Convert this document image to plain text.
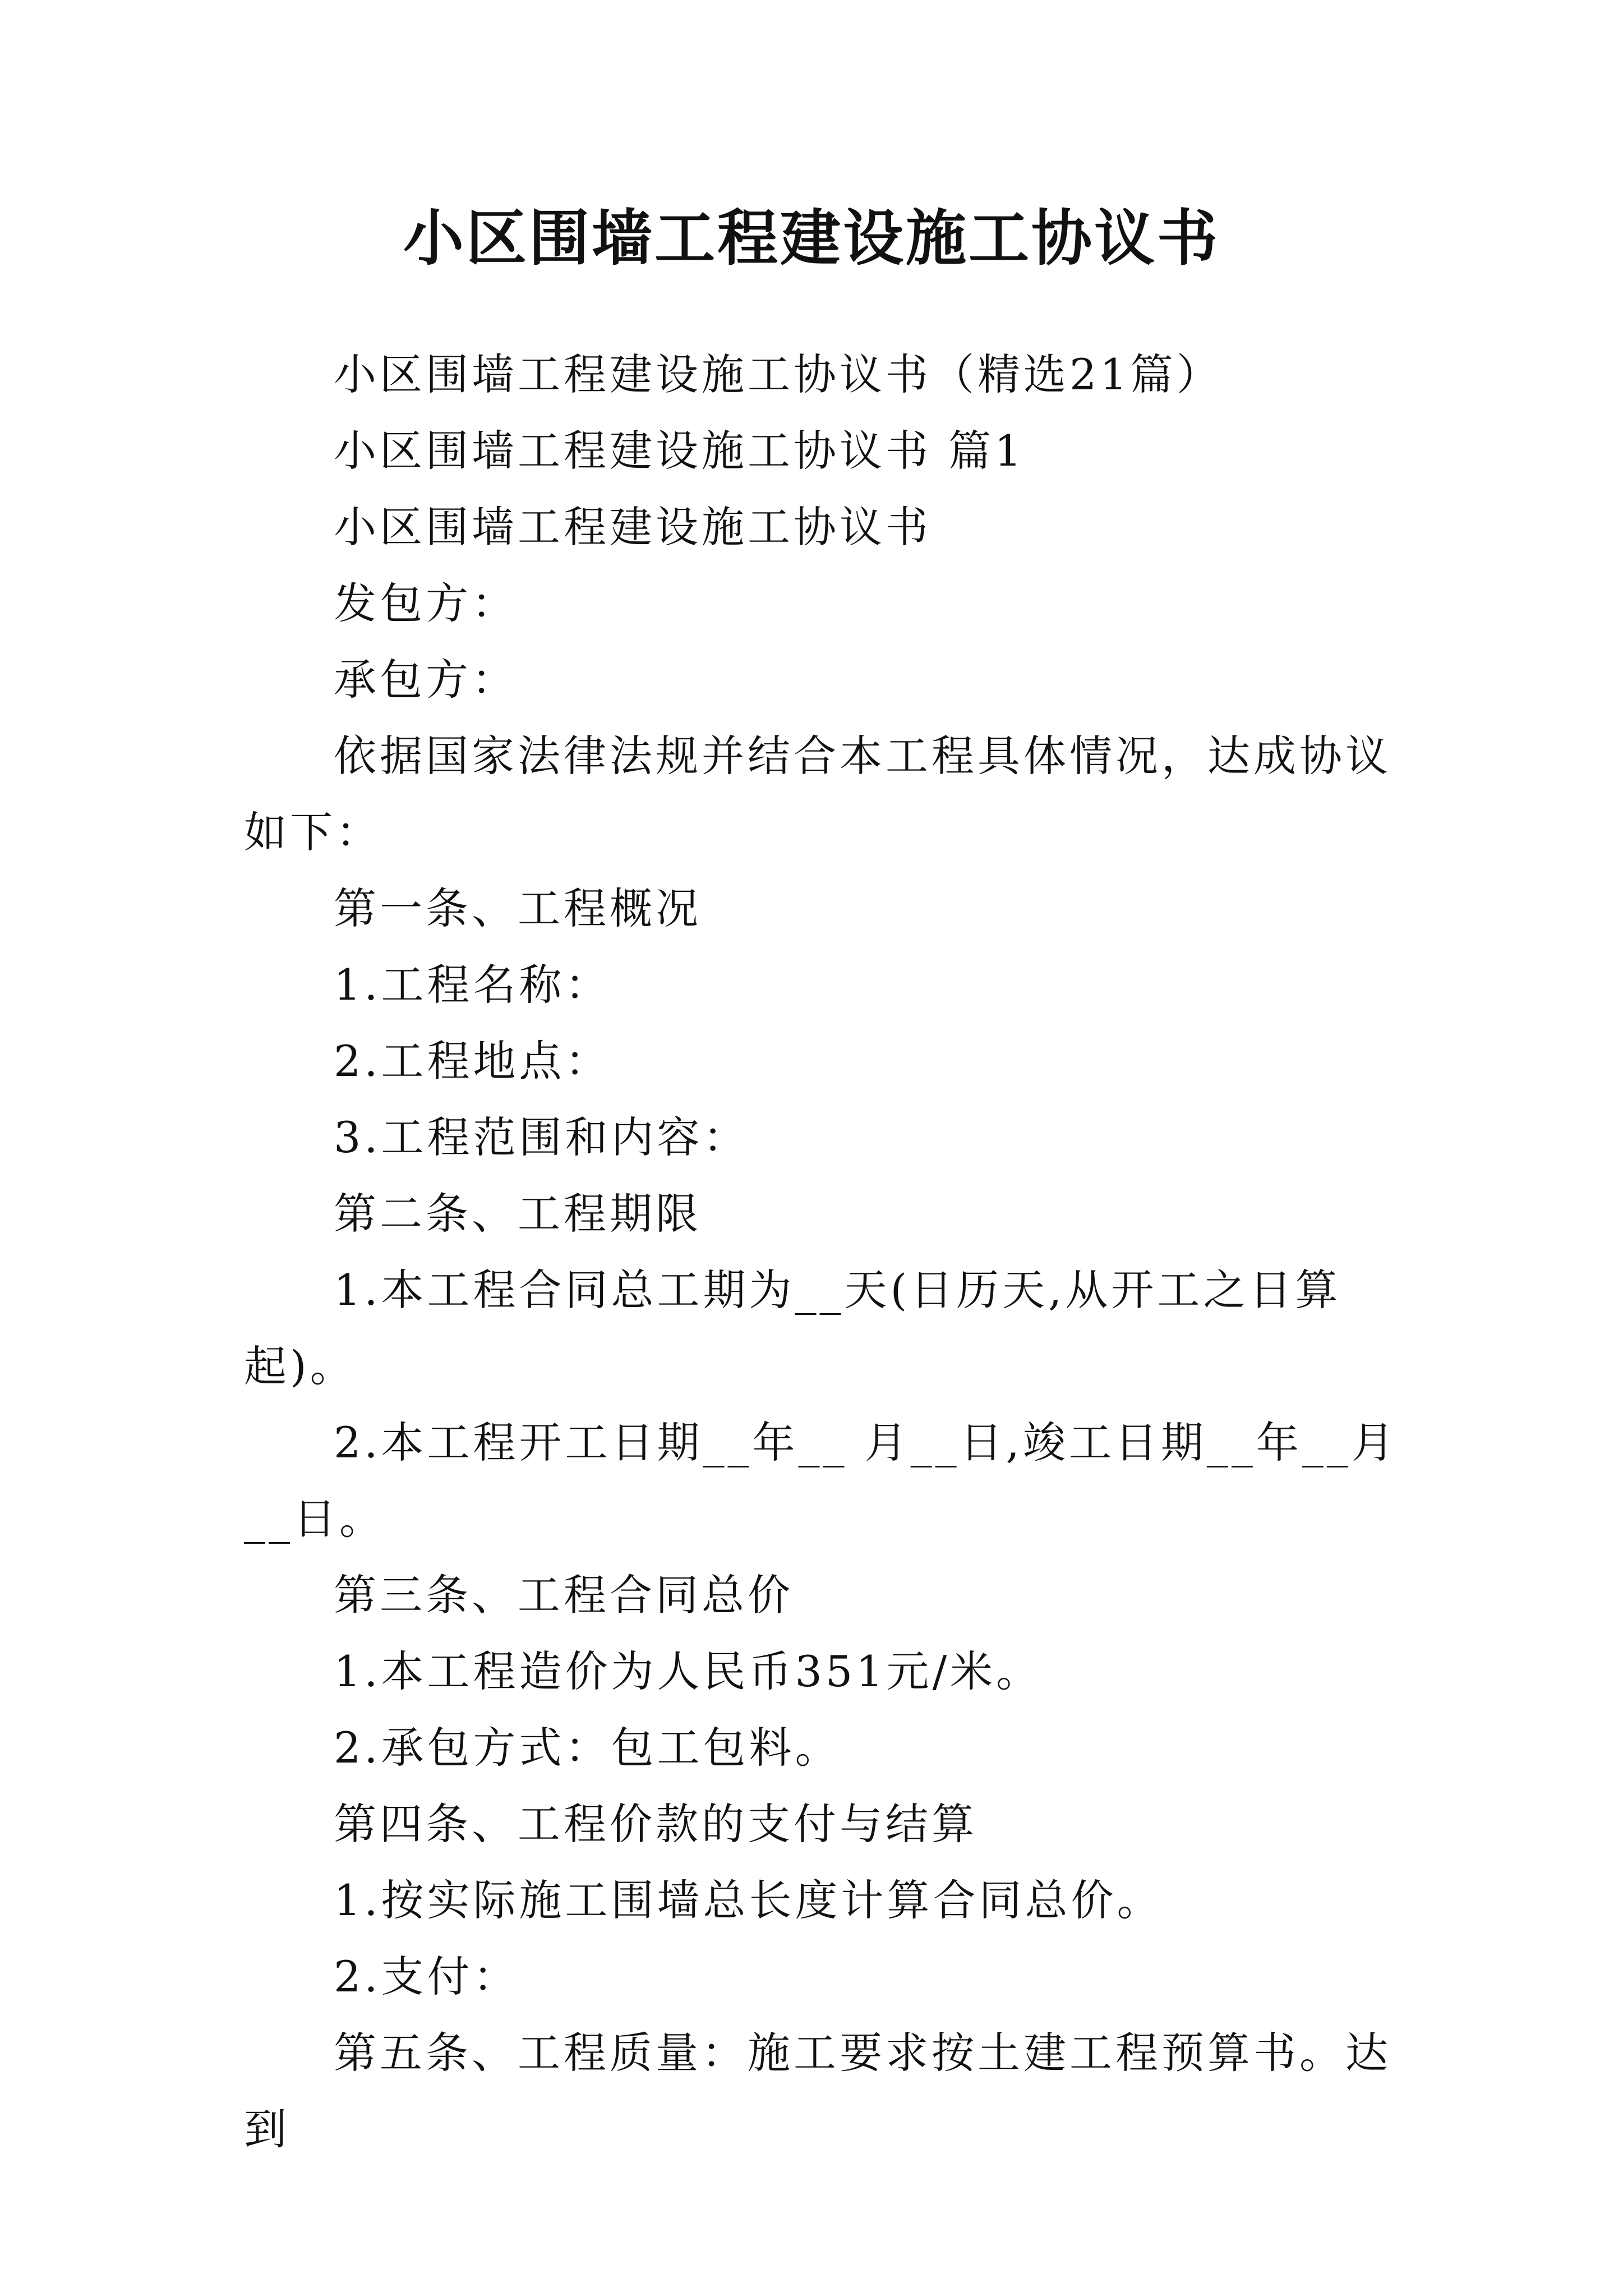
小区围墙工程建设施工协议书

小区围墙工程建设施工协议书（精选21篇）

小区围墙工程建设施工协议书 篇1

小区围墙工程建设施工协议书

发包方：

承包方：

依据国家法律法规并结合本工程具体情况，达成协议如下：

第一条、工程概况

1.工程名称：

2.工程地点：

3.工程范围和内容：

第二条、工程期限

1.本工程合同总工期为__天(日历天,从开工之日算起)。

2.本工程开工日期__年__ 月__日,竣工日期__年__月__日。

第三条、工程合同总价

1.本工程造价为人民币351元/米。

2.承包方式：包工包料。

第四条、工程价款的支付与结算

1.按实际施工围墙总长度计算合同总价。

2.支付：

第五条、工程质量：施工要求按土建工程预算书。达到
